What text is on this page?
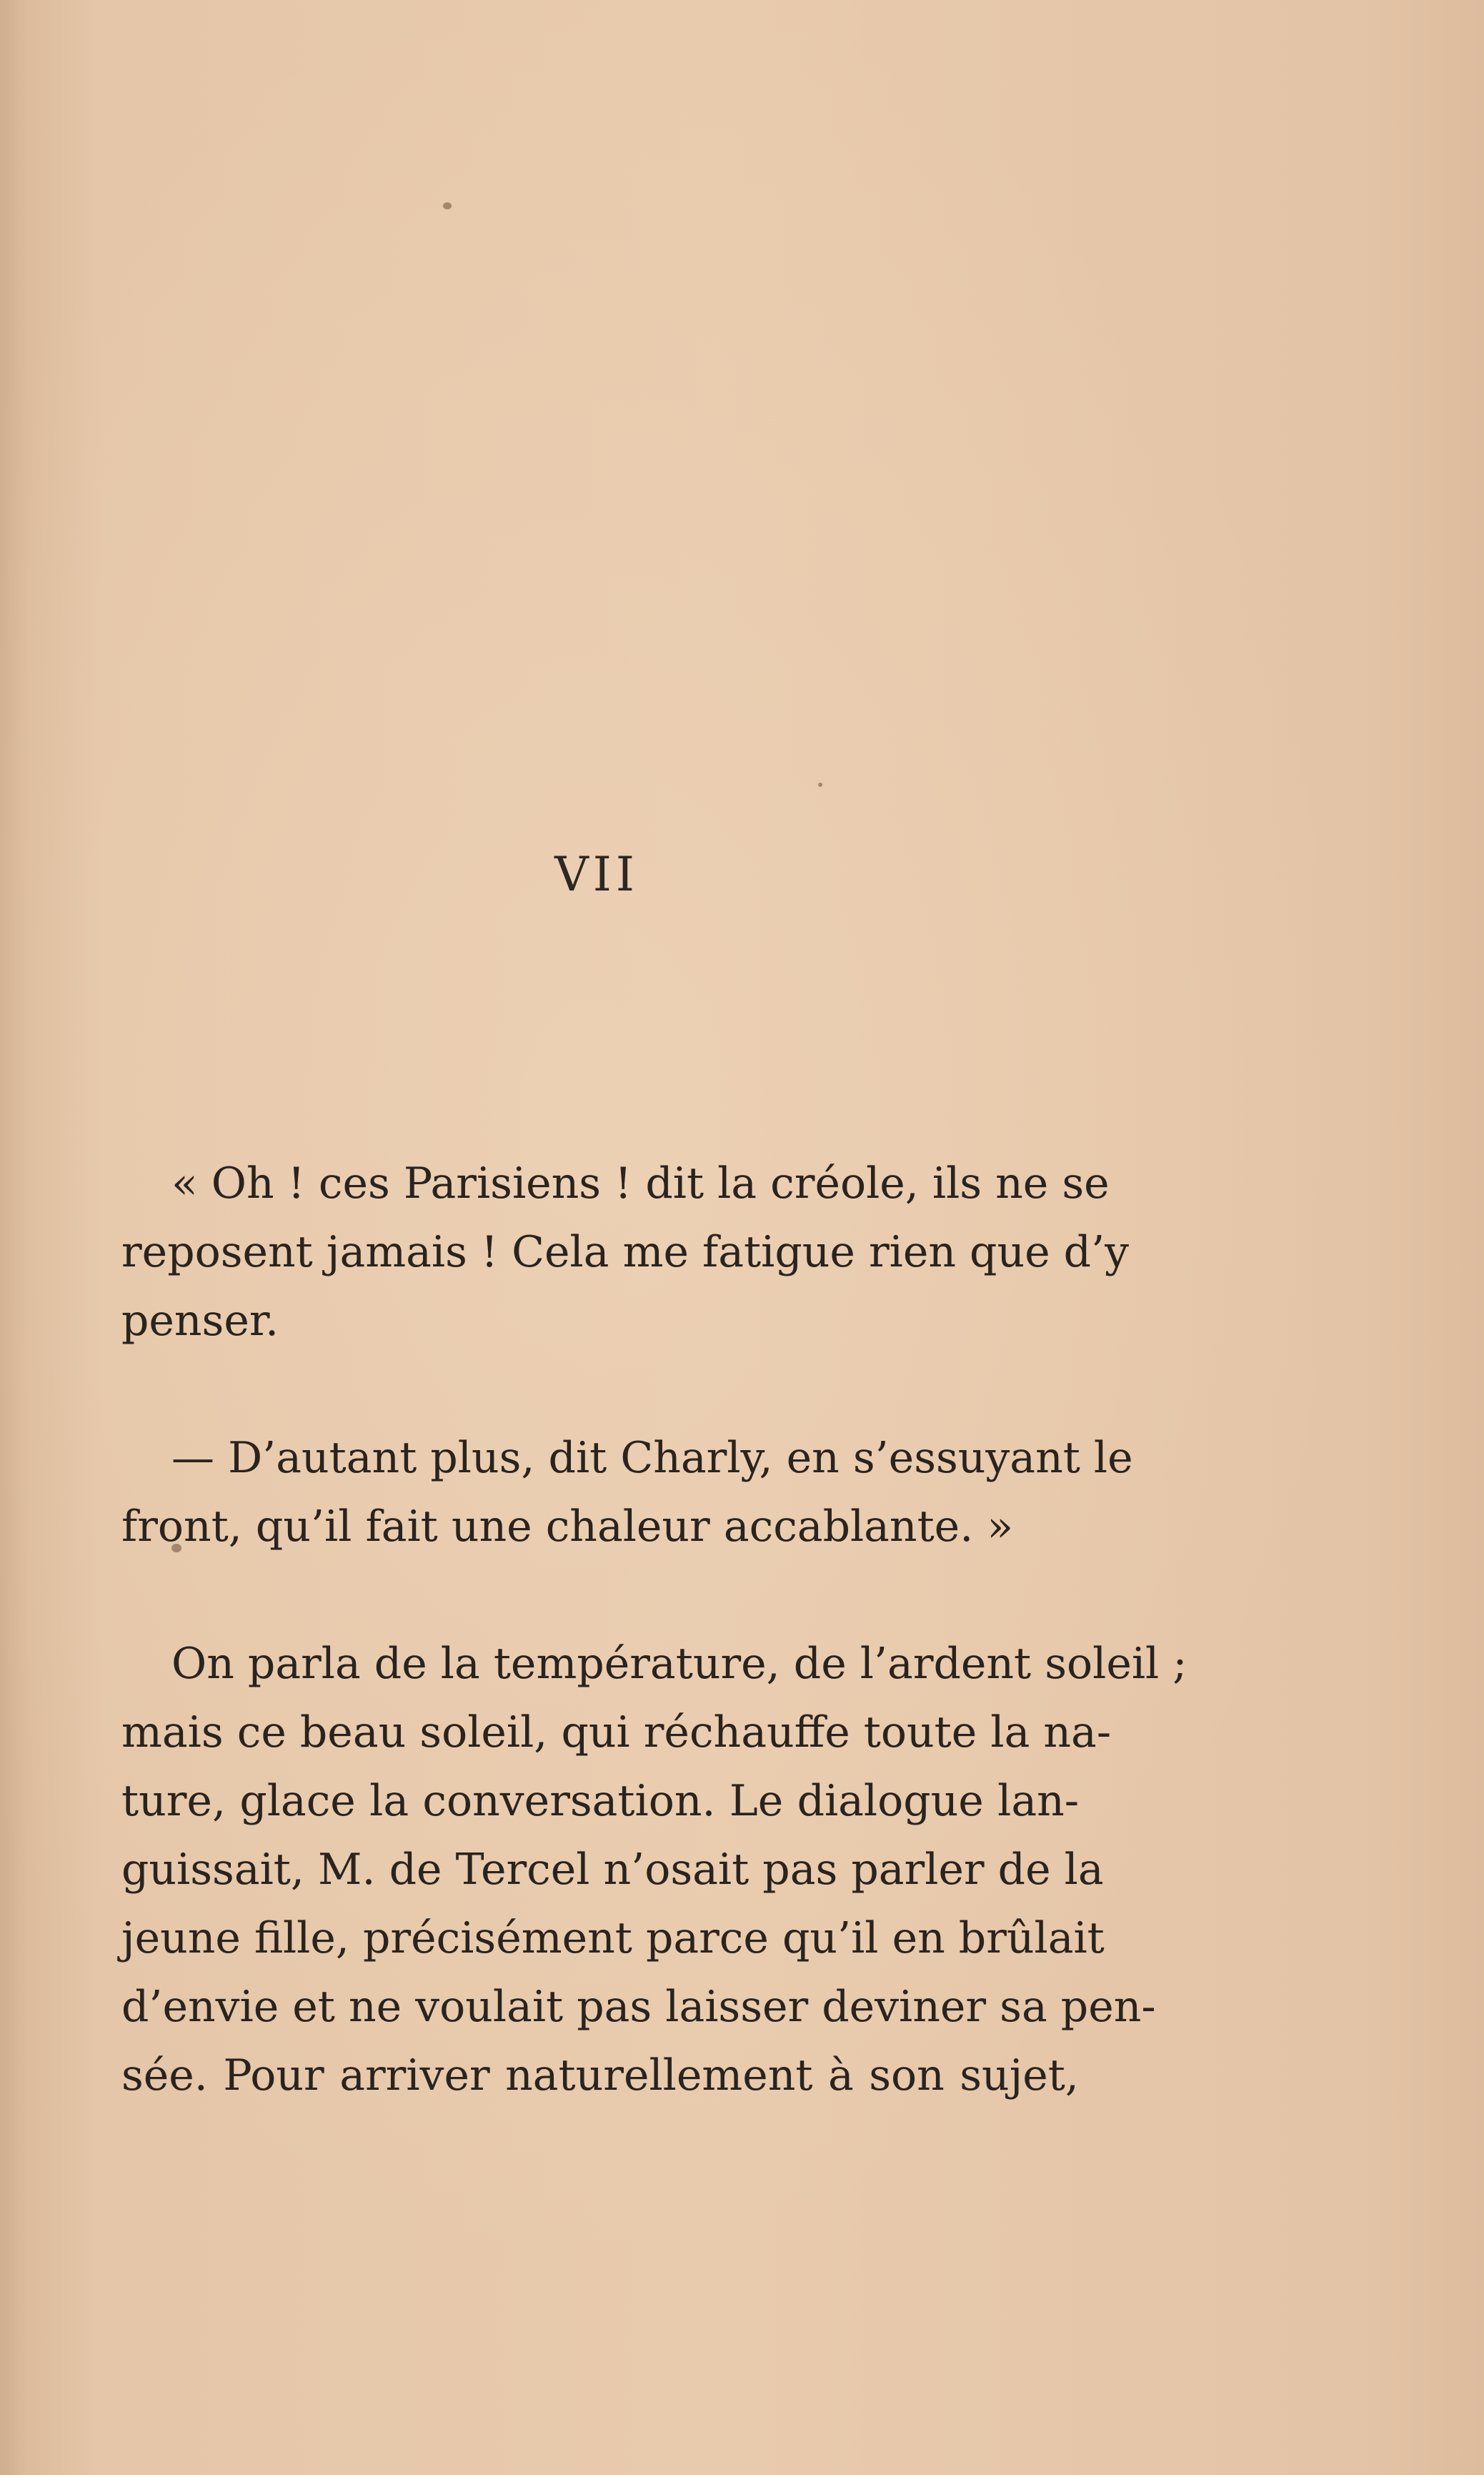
VII
« Oh ! ces Parisiens ! dit la créole, ils ne se
reposent jamais ! Cela me fatigue rien que d’y
penser.
— D’autant plus, dit Charly, en s’essuyant le
front, qu’il fait une chaleur accablante. »
On parla de la température, de l’ardent soleil ;
mais ce beau soleil, qui réchauffe toute la na-
ture, glace la conversation. Le dialogue lan-
guissait, M. de Tercel n’osait pas parler de la
jeune fille, précisément parce qu’il en brûlait
d’envie et ne voulait pas laisser deviner sa pen-
sée. Pour arriver naturellement à son sujet,
